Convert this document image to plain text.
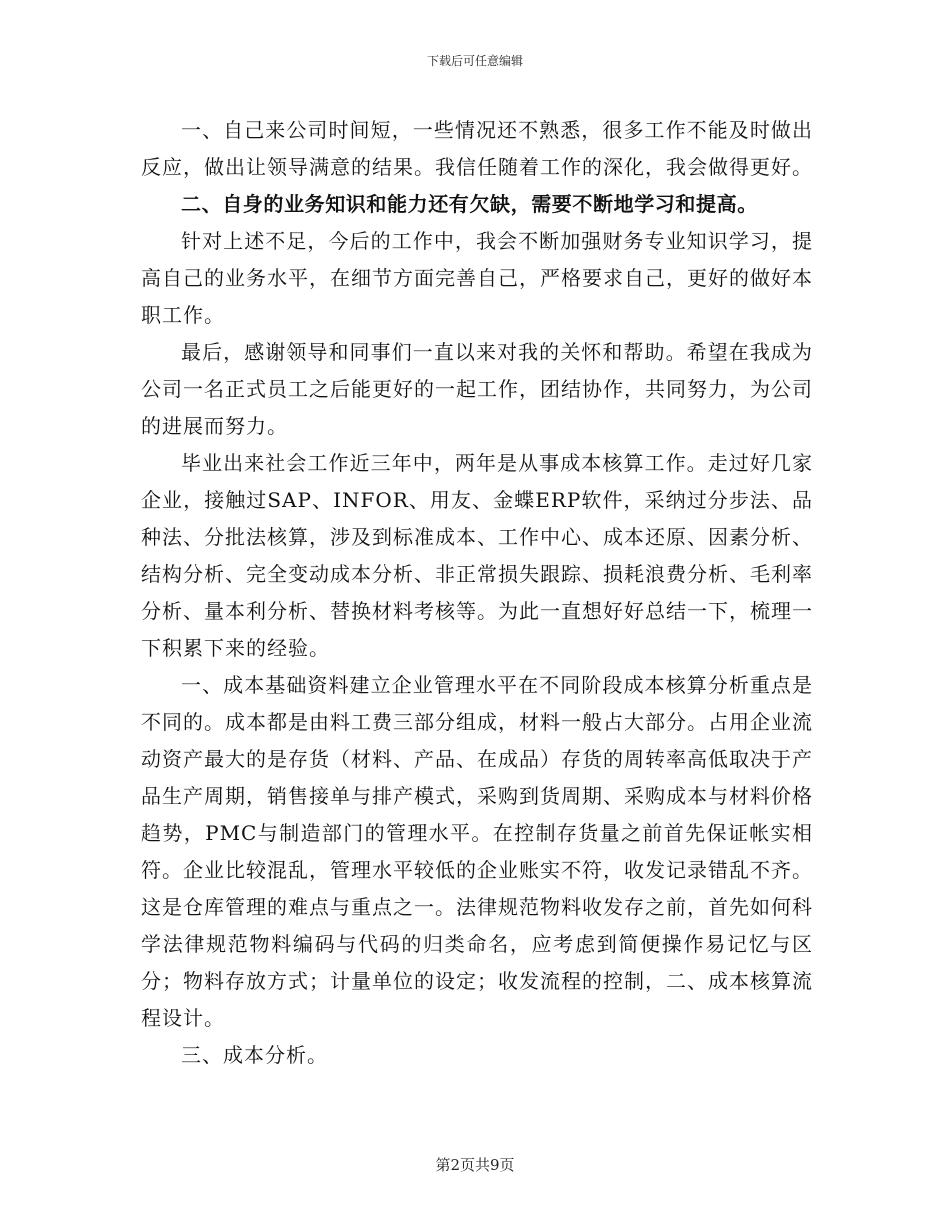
下载后可任意编辑

一、自己来公司时间短，一些情况还不熟悉，很多工作不能及时做出反应，做出让领导满意的结果。我信任随着工作的深化，我会做得更好。

二、自身的业务知识和能力还有欠缺，需要不断地学习和提高。

针对上述不足，今后的工作中，我会不断加强财务专业知识学习，提高自己的业务水平，在细节方面完善自己，严格要求自己，更好的做好本职工作。

最后，感谢领导和同事们一直以来对我的关怀和帮助。希望在我成为公司一名正式员工之后能更好的一起工作，团结协作，共同努力，为公司的进展而努力。

毕业出来社会工作近三年中，两年是从事成本核算工作。走过好几家企业，接触过SAP、INFOR、用友、金蝶ERP软件，采纳过分步法、品种法、分批法核算，涉及到标准成本、工作中心、成本还原、因素分析、结构分析、完全变动成本分析、非正常损失跟踪、损耗浪费分析、毛利率分析、量本利分析、替换材料考核等。为此一直想好好总结一下，梳理一下积累下来的经验。

一、成本基础资料建立企业管理水平在不同阶段成本核算分析重点是不同的。成本都是由料工费三部分组成，材料一般占大部分。占用企业流动资产最大的是存货（材料、产品、在成品）存货的周转率高低取决于产品生产周期，销售接单与排产模式，采购到货周期、采购成本与材料价格趋势，PMC与制造部门的管理水平。在控制存货量之前首先保证帐实相符。企业比较混乱，管理水平较低的企业账实不符，收发记录错乱不齐。这是仓库管理的难点与重点之一。法律规范物料收发存之前，首先如何科学法律规范物料编码与代码的归类命名，应考虑到简便操作易记忆与区分；物料存放方式；计量单位的设定；收发流程的控制，二、成本核算流程设计。

三、成本分析。

第2页共9页
